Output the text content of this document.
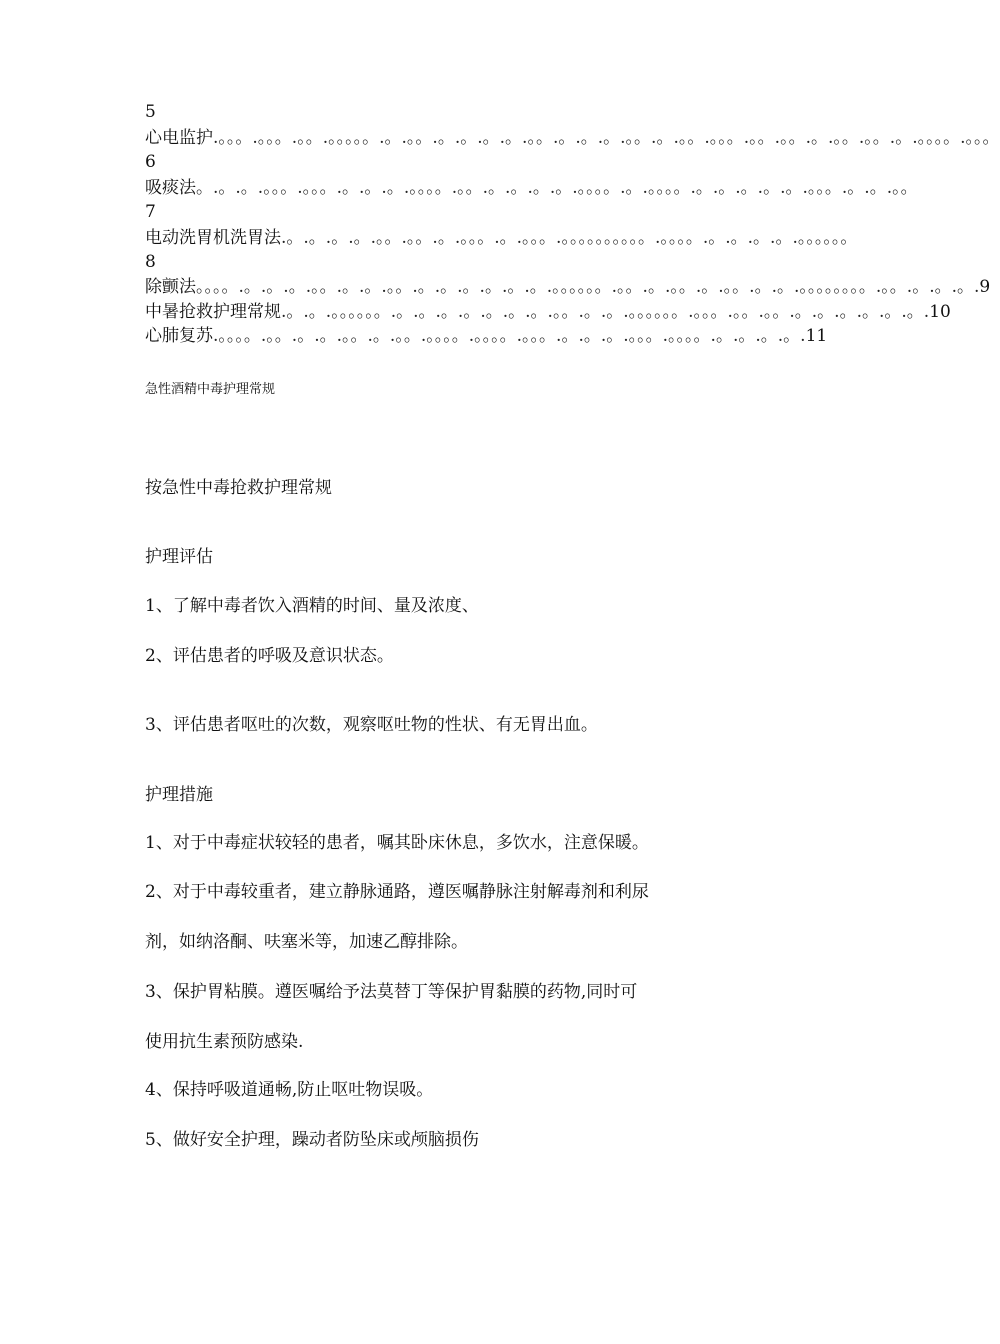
5
心电监护 .。。。.。。。.。。.。。。。。.。.。。.。.。.。.。.。。.。.。.。.。。.。.。。.。。。.。。.。。.。.。。.。。.。.。。。。.。。。
6
吸痰法 。.。.。.。。。.。。。.。.。.。.。。。。.。。.。.。.。.。.。。。。.。.。。。。.。.。.。.。.。.。。。.。.。.。。
7
电动洗胃机洗胃法 .。.。.。.。.。。.。。.。.。。。.。.。。。.。。。。。。。。。。.。。。。.。.。.。.。.。。。。。。
8
除颤法 。。。。.。.。.。.。。.。.。.。。.。.。.。.。.。.。.。。。。。。.。。.。.。。.。.。。.。.。.。。。。。。。。.。。.。.。.。. 9
中暑抢救护理常规 .。.。.。。。。。。.。.。.。.。.。.。.。.。。.。.。.。。。。。。.。。。.。。.。。.。.。.。.。.。.。. 10
心肺复苏 .。。。。.。。.。.。.。。.。.。。.。。。。.。。。。.。。。.。.。.。.。。。.。。。。.。.。.。.。. 11
急性酒精中毒护理常规
按急性中毒抢救护理常规
护理评估
1、了解中毒者饮入酒精的时间、量及浓度、
2、评估患者的呼吸及意识状态。
3、评估患者呕吐的次数，观察呕吐物的性状、有无胃出血。
护理措施
1、对于中毒症状较轻的患者，嘱其卧床休息，多饮水，注意保暖。
2、对于中毒较重者，建立静脉通路，遵医嘱静脉注射解毒剂和利尿
剂，如纳洛酮、呋塞米等，加速乙醇排除。
3、保护胃粘膜。遵医嘱给予法莫替丁等保护胃黏膜的药物,同时可
使用抗生素预防感染.
4、保持呼吸道通畅,防止呕吐物误吸。
5、做好安全护理，躁动者防坠床或颅脑损伤
